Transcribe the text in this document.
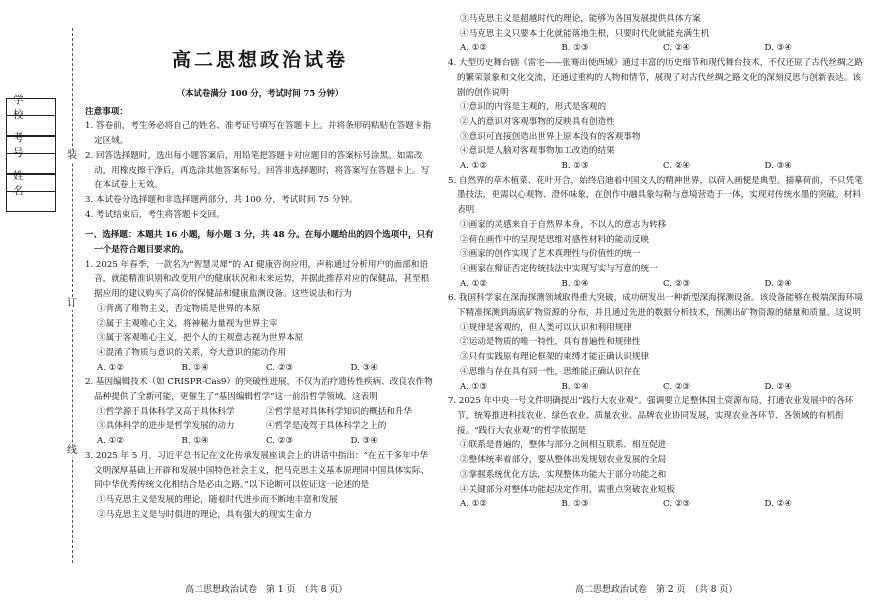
学 校
考 号
姓 名
装
订
线

高二思想政治试卷

（本试卷满分 100 分，考试时间 75 分钟）

注意事项：

1. 答卷前，考生务必将自己的姓名、准考证号填写在答题卡上。并将条形码粘贴在答题卡指定区域。

2. 回答选择题时，选出每小题答案后，用铅笔把答题卡对应题目的答案标号涂黑。如需改动，用橡皮擦干净后，再选涂其他答案标号。回答非选择题时，将答案写在答题卡上。写在本试卷上无效。

3. 本试卷分选择题和非选择题两部分，共 100 分，考试时间 75 分钟。

4. 考试结束后，考生将答题卡交回。

一、选择题：本题共 16 小题，每小题 3 分，共 48 分。在每小题给出的四个选项中，只有一个是符合题目要求的。

1. 2025 年春季，一款名为“智慧灵犀”的 AI 健康咨询应用，声称通过分析用户的面部和语音，就能精准识别和改变用户的健康状况和未来运势，并据此推荐对应的保健品，甚至根据应用的建议购买了高价的保健品和健康监测设备。这些说法和行为

①背离了唯物主义，否定物质是世界的本原

②属于主观唯心主义，将神秘力量视为世界主宰

③属于客观唯心主义，把个人的主观意志视为世界本原

④混淆了物质与意识的关系，夸大意识的能动作用

A. ①②	B. ①④	C. ②③	D. ③④

2. 基因编辑技术（如 CRISPR-Cas9）的突破性进展，不仅为治疗遗传性疾病、改良农作物品种提供了全新可能，更催生了“基因编辑哲学”这一前沿哲学领域。这表明

①哲学源于具体科学又高于具体科学	②哲学是对具体科学知识的概括和升华
③具体科学的进步是哲学发展的动力	④哲学是凌驾于具体科学之上的
A. ①②	B. ①④	C. ②③	D. ③④

3. 2025 年 5 月，习近平总书记在文化传承发展座谈会上的讲话中指出：“在五千多年中华文明深厚基础上开辟和发展中国特色社会主义，把马克思主义基本原理同中国具体实际、同中华优秀传统文化相结合是必由之路。”以下论断可以佐证这一论述的是

①马克思主义是发展的理论，随着时代进步而不断地丰富和发展

②马克思主义是与时俱进的理论，具有强大的现实生命力

高二思想政治试卷　第 1 页　（共 8 页）

③马克思主义是超越时代的理论，能够为各国发展提供具体方案

④马克思主义只要本土化就能落地生根，只要时代化就能充满生机

A. ①②	B. ①③	C. ②④	D. ③④

4. 大型历史舞台剧《雷宅——张骞出使西域》通过丰富的历史细节和现代舞台技术，不仅还原了古代丝绸之路的繁荣景象和文化交流，还通过重构的人物和情节，展现了对古代丝绸之路文化的深刻反思与创新表达。该剧的创作说明

①意识的内容是主观的，形式是客观的

②人的意识对客观事物的反映具有创造性

③意识可直接创造出世界上原本没有的客观事物

④意识是人脑对客观事物加工改造的结果

A. ①②	B. ①③	C. ②④	D. ③④

5. 自然界的草木植菜、花叶开合，始终启迪着中国文人的精神世界，以荷入画便是典型。描摹荷前，不只凭笔墨技法，更需以心观物、澄怀味象，在创作中融具象勾勒与意境营造于一体，实现对传统水墨的突破。材料表明

①画家的灵感来自于自然界本身，不以人的意志为转移

②荷在画作中的呈现是思维对感性材料的能动反映

③画家的创作实现了艺术真理性与价值性的统一

④画家在辩证否定传统技法中实现写实与写意的统一

A. ①②	B. ①④	C. ②③	D. ②④

6. 我国科学家在深海探测领域取得重大突破，成功研发出一种新型深海探测设备。该设备能够在极端深海环境下精准探测到海底矿物资源的分布，并且通过先进的数据分析技术，预测出矿物资源的储量和质量。这说明

①规律是客观的，但人类可以认识和利用规律

②运动是物质的唯一特性，具有普遍性和规律性

③只有实践原有理论框架的束缚才能正确认识规律

④思维与存在具有同一性，思维能正确认识存在

A. ①③	B. ①④	C. ②③	D. ②④

7. 2025 年中央一号文件明确提出“践行大农业观”。强调要立足整体国土资源布局，打通农业发展中的各环节，统筹推进科技农业、绿色农业、质量农业、品牌农业协同发展，实现农业各环节、各领域的有机衔接。“践行大农业观”的哲学依据是

①联系是普遍的，整体与部分之间相互联系、相互促进

②整体统率着部分，要从整体出发规划农业发展的全局

③掌握系统优化方法，实现整体功能大于部分功能之和

④关键部分对整体功能起决定作用，需重点突破农业短板

A. ①②	B. ①③	C. ②③	D. ②④
高二思想政治试卷　第 2 页　（共 8 页）
